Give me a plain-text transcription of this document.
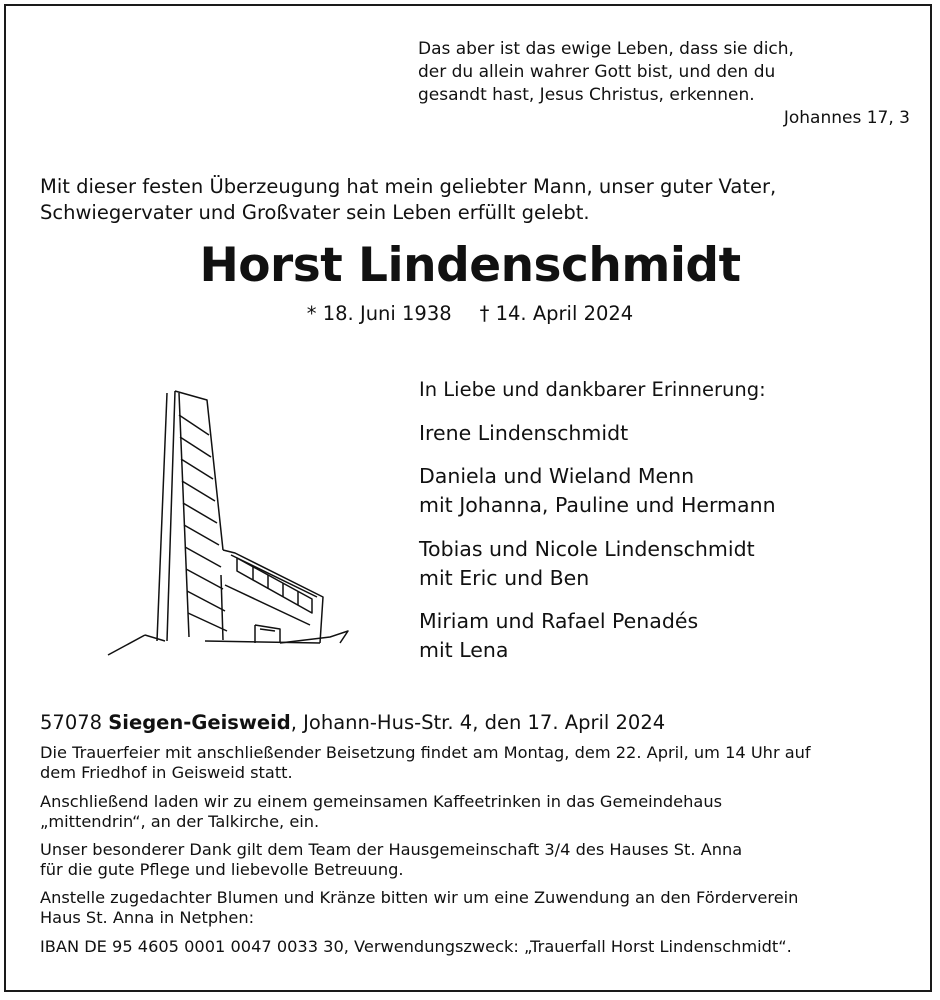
Das aber ist das ewige Leben, dass sie dich,
der du allein wahrer Gott bist, und den du
gesandt hast, Jesus Christus, erkennen.
Johannes 17, 3
Mit dieser festen Überzeugung hat mein geliebter Mann, unser guter Vater,
Schwiegervater und Großvater sein Leben erfüllt gelebt.
Horst Lindenschmidt
* 18. Juni 1938 † 14. April 2024
In Liebe und dankbarer Erinnerung:
Irene Lindenschmidt
Daniela und Wieland Menn
mit Johanna, Pauline und Hermann
Tobias und Nicole Lindenschmidt
mit Eric und Ben
Miriam und Rafael Penadés
mit Lena
57078 Siegen-Geisweid, Johann-Hus-Str. 4, den 17. April 2024
Die Trauerfeier mit anschließender Beisetzung findet am Montag, dem 22. April, um 14 Uhr auf
dem Friedhof in Geisweid statt.
Anschließend laden wir zu einem gemeinsamen Kaffeetrinken in das Gemeindehaus
„mittendrin“, an der Talkirche, ein.
Unser besonderer Dank gilt dem Team der Hausgemeinschaft 3/4 des Hauses St. Anna
für die gute Pflege und liebevolle Betreuung.
Anstelle zugedachter Blumen und Kränze bitten wir um eine Zuwendung an den Förderverein
Haus St. Anna in Netphen:
IBAN DE 95 4605 0001 0047 0033 30, Verwendungszweck: „Trauerfall Horst Lindenschmidt“.
